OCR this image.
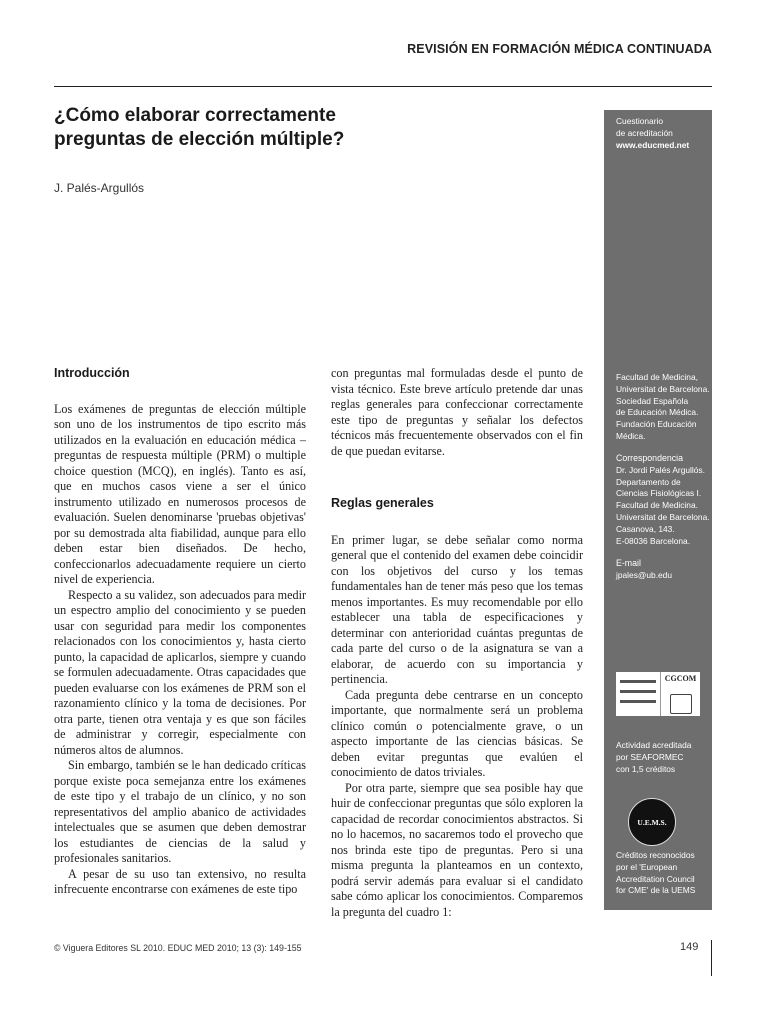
REVISIÓN EN FORMACIÓN MÉDICA CONTINUADA
¿Cómo elaborar correctamente
preguntas de elección múltiple?
J. Palés-Argullós
Cuestionario
de acreditación
www.educmed.net
Facultad de Medicina,
Universitat de Barcelona.
Sociedad Española
de Educación Médica.
Fundación Educación
Médica.
Correspondencia
Dr. Jordi Palés Argullós.
Departamento de
Ciencias Fisiológicas I.
Facultad de Medicina.
Universitat de Barcelona.
Casanova, 143.
E-08036 Barcelona.
E-mail
jpales@ub.edu
CGCOM
Actividad acreditada
por SEAFORMEC
con 1,5 créditos
U.E.M.S.
Créditos reconocidos
por el 'European
Accreditation Council
for CME' de la UEMS
Introducción

Los exámenes de preguntas de elección múltiple son uno de los instrumentos de tipo escrito más utilizados en la evaluación en educación médica –preguntas de respuesta múltiple (PRM) o multiple choice question (MCQ), en inglés). Tanto es así, que en muchos casos viene a ser el único instrumento utilizado en numerosos procesos de evaluación. Suelen denominarse 'pruebas objetivas' por su demostrada alta fiabilidad, aunque para ello deben estar bien diseñados. De hecho, confeccionarlos adecuadamente requiere un cierto nivel de experiencia.

Respecto a su validez, son adecuados para medir un espectro amplio del conocimiento y se pueden usar con seguridad para medir los componentes relacionados con los conocimientos y, hasta cierto punto, la capacidad de aplicarlos, siempre y cuando se formulen adecuadamente. Otras capacidades que pueden evaluarse con los exámenes de PRM son el razonamiento clínico y la toma de decisiones. Por otra parte, tienen otra ventaja y es que son fáciles de administrar y corregir, especialmente con números altos de alumnos.

Sin embargo, también se le han dedicado críticas porque existe poca semejanza entre los exámenes de este tipo y el trabajo de un clínico, y no son representativos del amplio abanico de actividades intelectuales que se asumen que deben demostrar los estudiantes de ciencias de la salud y profesionales sanitarios.

A pesar de su uso tan extensivo, no resulta infrecuente encontrarse con exámenes de este tipo

con preguntas mal formuladas desde el punto de vista técnico. Este breve artículo pretende dar unas reglas generales para confeccionar correctamente este tipo de preguntas y señalar los defectos técnicos más frecuentemente observados con el fin de que puedan evitarse.

Reglas generales

En primer lugar, se debe señalar como norma general que el contenido del examen debe coincidir con los objetivos del curso y los temas fundamentales han de tener más peso que los temas menos importantes. Es muy recomendable por ello establecer una tabla de especificaciones y determinar con anterioridad cuántas preguntas de cada parte del curso o de la asignatura se van a elaborar, de acuerdo con su importancia y pertinencia.

Cada pregunta debe centrarse en un concepto importante, que normalmente será un problema clínico común o potencialmente grave, o un aspecto importante de las ciencias básicas. Se deben evitar preguntas que evalúen el conocimiento de datos triviales.

Por otra parte, siempre que sea posible hay que huir de confeccionar preguntas que sólo exploren la capacidad de recordar conocimientos abstractos. Si no lo hacemos, no sacaremos todo el provecho que nos brinda este tipo de preguntas. Pero si una misma pregunta la planteamos en un contexto, podrá servir además para evaluar si el candidato sabe cómo aplicar los conocimientos. Comparemos la pregunta del cuadro 1:

© Viguera Editores SL 2010. EDUC MED 2010; 13 (3): 149-155	149
